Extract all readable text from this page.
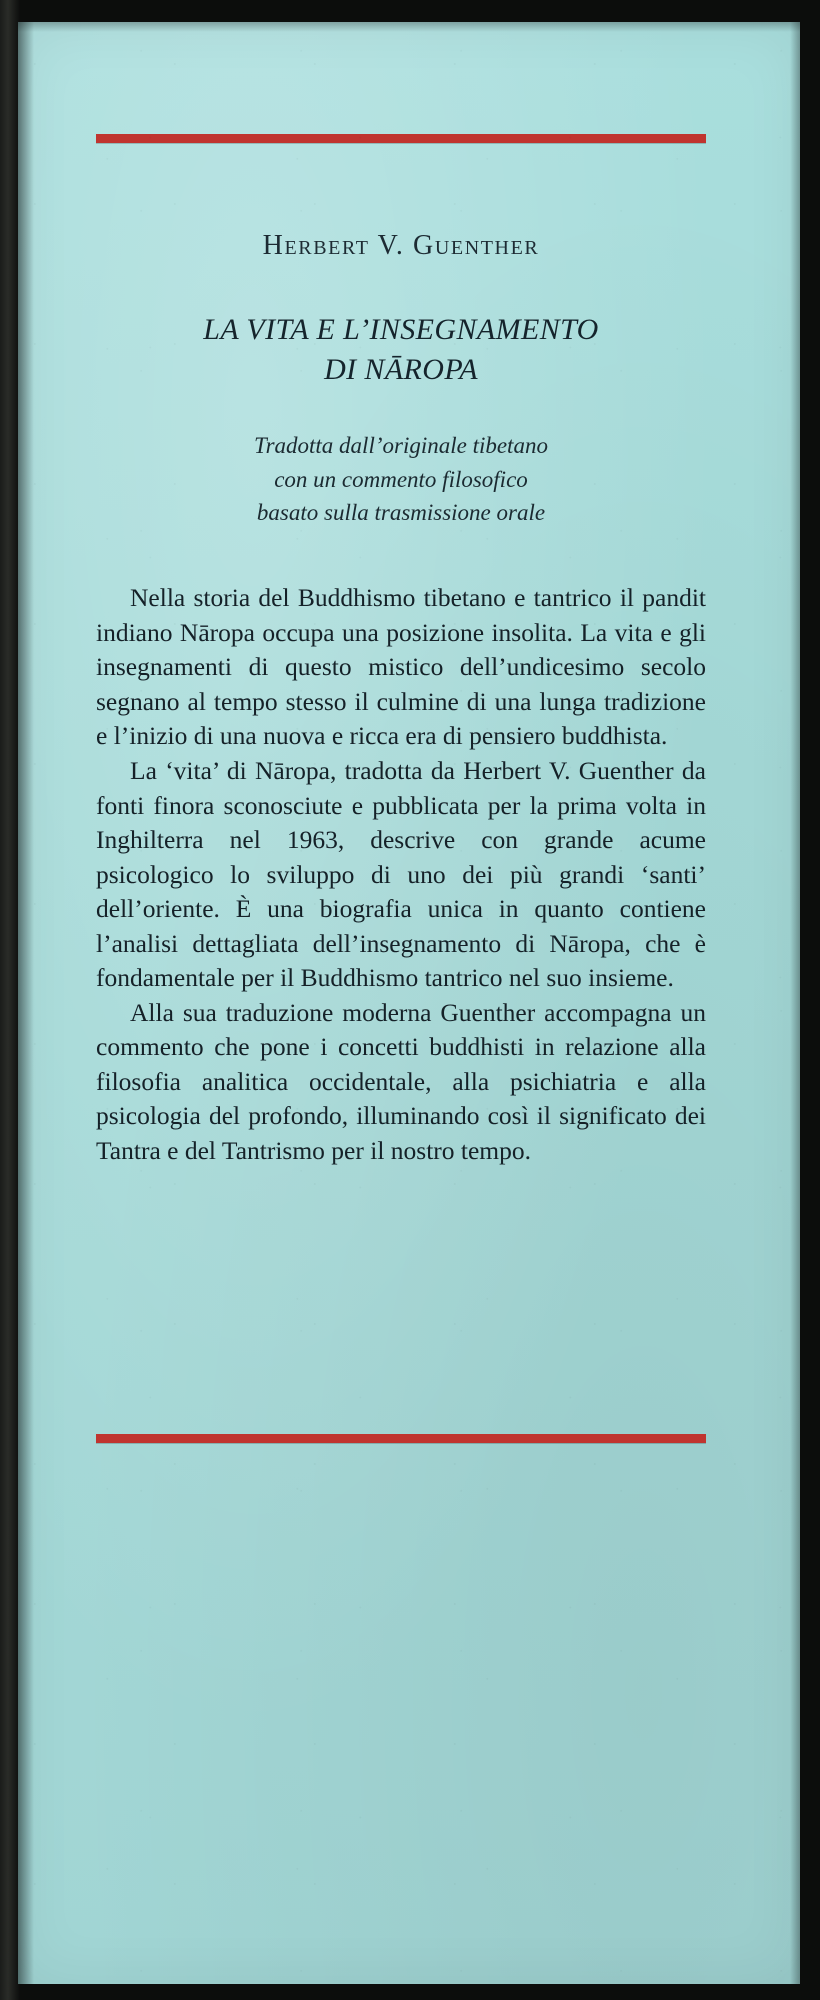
Herbert V. Guenther
LA VITA E L’INSEGNAMENTO
DI NĀROPA
Tradotta dall’originale tibetano
con un commento filosofico
basato sulla trasmissione orale

Nella storia del Buddhismo tibetano e tantrico il pandit indiano Nāropa occupa una posizione insolita. La vita e gli insegnamenti di questo mistico dell’undicesimo secolo segnano al tempo stesso il culmine di una lunga tradizione e l’inizio di una nuova e ricca era di pensiero buddhista.

La ‘vita’ di Nāropa, tradotta da Herbert V. Guenther da fonti finora sconosciute e pubblicata per la prima volta in Inghilterra nel 1963, descrive con grande acume psicologico lo sviluppo di uno dei più grandi ‘santi’ dell’oriente. È una biografia unica in quanto contiene l’analisi dettagliata dell’insegnamento di Nāropa, che è fondamentale per il Buddhismo tantrico nel suo insieme.

Alla sua traduzione moderna Guenther accompagna un commento che pone i concetti buddhisti in relazione alla filosofia analitica occidentale, alla psichiatria e alla psicologia del profondo, illuminando così il significato dei Tantra e del Tantrismo per il nostro tempo.
